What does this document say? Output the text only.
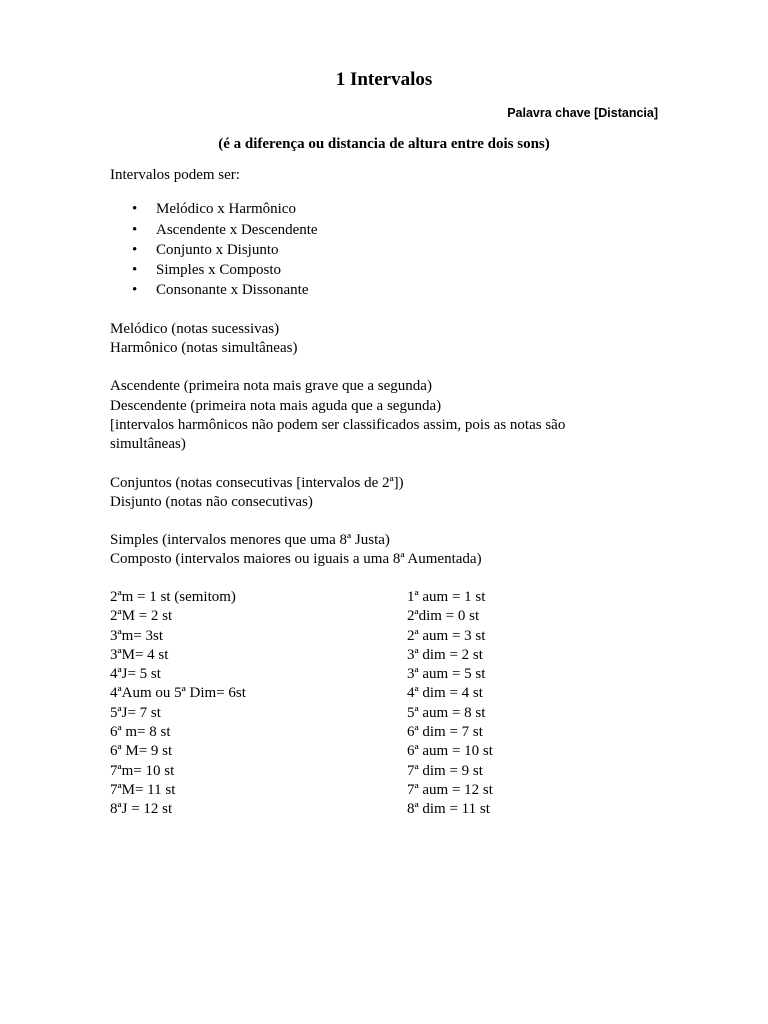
1 Intervalos
Palavra chave [Distancia]
(é a diferença ou distancia de altura entre dois sons)

Intervalos podem ser:

• Melódico x Harmônico
• Ascendente x Descendente
• Conjunto x Disjunto
• Simples x Composto
• Consonante x Dissonante

Melódico (notas sucessivas)
Harmônico (notas simultâneas)

Ascendente (primeira nota mais grave que a segunda)
Descendente (primeira nota mais aguda que a segunda)
[intervalos harmônicos não podem ser classificados assim, pois as notas são
simultâneas)

Conjuntos (notas consecutivas [intervalos de 2ª])
Disjunto (notas não consecutivas)

Simples (intervalos menores que uma 8ª Justa)
Composto (intervalos maiores ou iguais a uma 8ª Aumentada)

2ªm = 1 st (semitom)	1ª aum = 1 st
2ªM = 2 st	2ªdim = 0 st
3ªm= 3st	2ª aum = 3 st
3ªM= 4 st	3ª dim = 2 st
4ªJ= 5 st	3ª aum = 5 st
4ªAum ou 5ª Dim= 6st	4ª dim = 4 st
5ªJ= 7 st	5ª aum = 8 st
6ª m= 8 st	6ª dim = 7 st
6ª M= 9 st	6ª aum = 10 st
7ªm= 10 st	7ª dim = 9 st
7ªM= 11 st	7ª aum = 12 st
8ªJ = 12 st	8ª dim = 11 st
